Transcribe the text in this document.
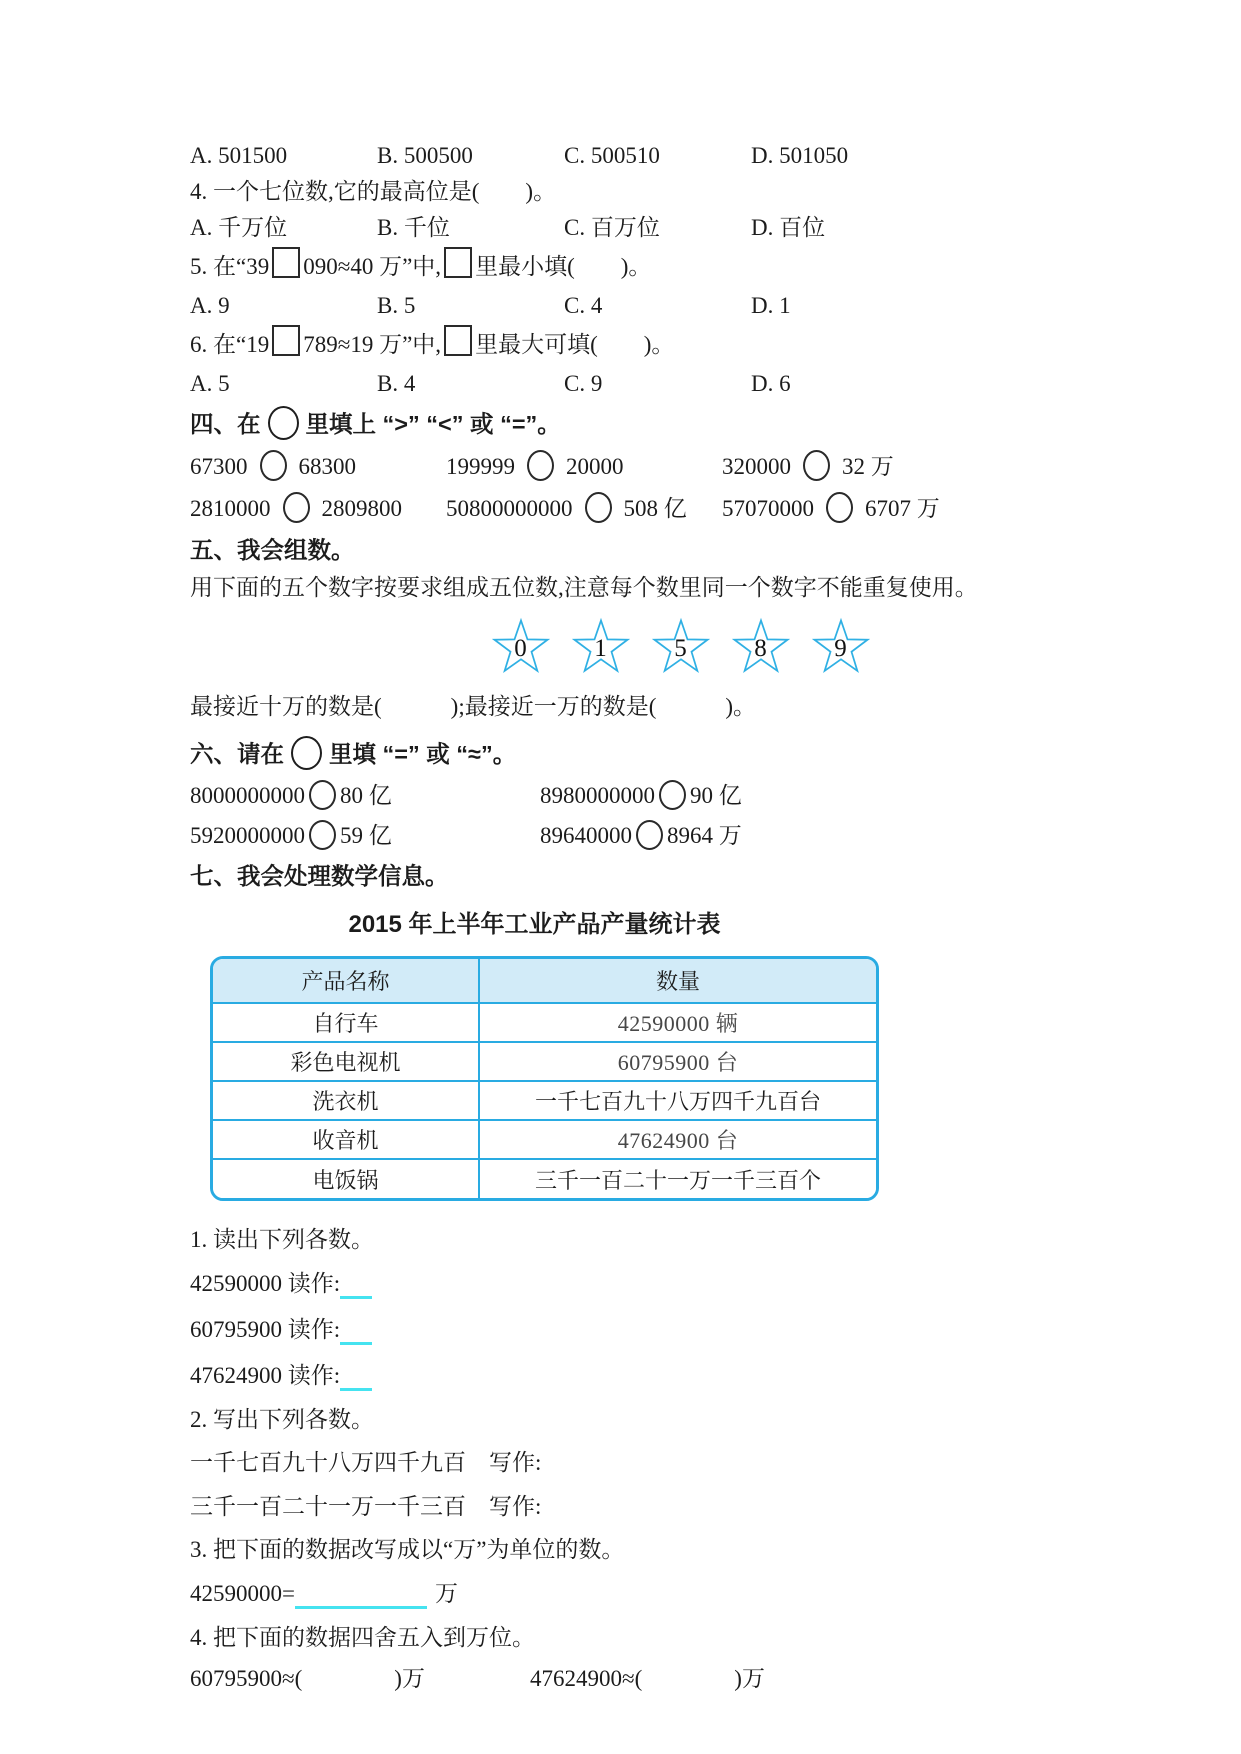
A. 501500	B. 500500	C. 500510	D. 501050
4. 一个七位数,它的最高位是(　　)。
A. 千万位	B. 千位	C. 百万位	D. 百位
5. 在“39 090≈40 万”中, 里最小填(　　)。
A. 9	B. 5	C. 4	D. 1
6. 在“19 789≈19 万”中, 里最大可填(　　)。
A. 5	B. 4	C. 9	D. 6
四、在 里填上 “>” “<” 或 “=”。
67300 68300	199999 20000	320000 32 万
2810000 2809800	50800000000 508 亿	57070000 6707 万
五、我会组数。
用下面的五个数字按要求组成五位数,注意每个数里同一个数字不能重复使用。
0	1	5	8	9
最接近十万的数是(　　　);最接近一万的数是(　　　)。
六、请在 里填 “=” 或 “≈”。
8000000000 80 亿	8980000000 90 亿
5920000000 59 亿	89640000 8964 万
七、我会处理数学信息。
2015 年上半年工业产品产量统计表
产品名称	数量
自行车	42590000 辆
彩色电视机	60795900 台
洗衣机	一千七百九十八万四千九百台
收音机	47624900 台
电饭锅	三千一百二十一万一千三百个
1. 读出下列各数。
42590000 读作:
60795900 读作:
47624900 读作:
2. 写出下列各数。
一千七百九十八万四千九百　写作:
三千一百二十一万一千三百　写作:
3. 把下面的数据改写成以“万”为单位的数。
42590000=	万
4. 把下面的数据四舍五入到万位。
60795900≈(　　　　)万	47624900≈(　　　　)万
